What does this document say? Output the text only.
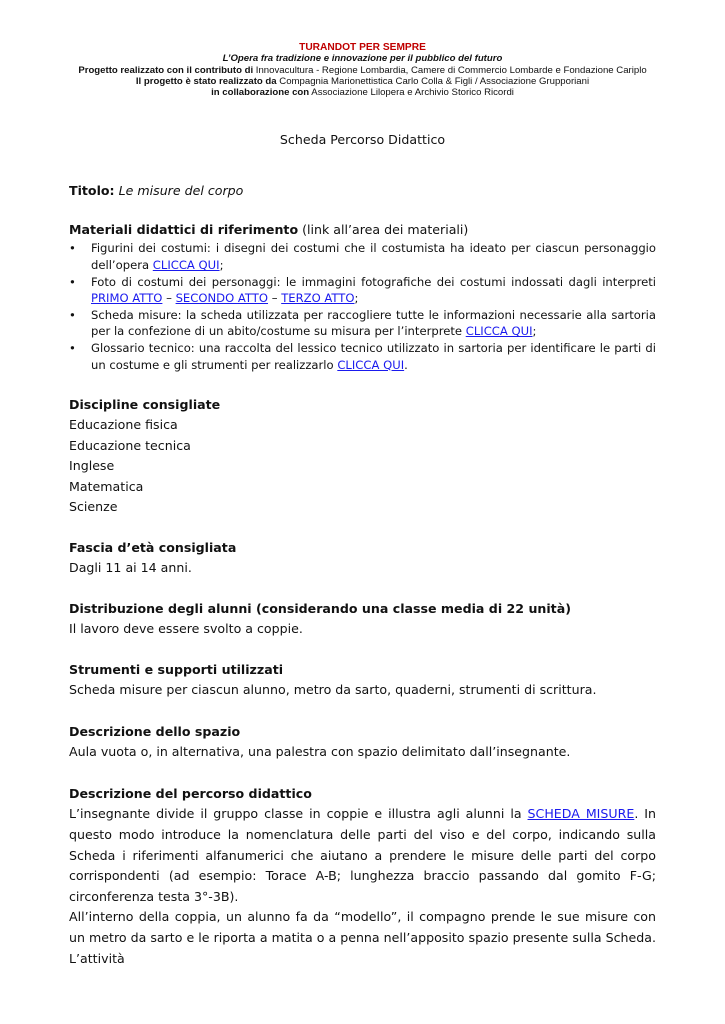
TURANDOT PER SEMPRE
L’Opera fra tradizione e innovazione per il pubblico del futuro
Progetto realizzato con il contributo di Innovacultura - Regione Lombardia, Camere di Commercio Lombarde e Fondazione Cariplo
Il progetto è stato realizzato da Compagnia Marionettistica Carlo Colla & Figli / Associazione Grupporiani
in collaborazione con Associazione Lilopera e Archivio Storico Ricordi
Scheda Percorso Didattico
Titolo: Le misure del corpo
Materiali didattici di riferimento (link all’area dei materiali)
• Figurini dei costumi: i disegni dei costumi che il costumista ha ideato per ciascun personaggio dell’opera CLICCA QUI;
• Foto di costumi dei personaggi: le immagini fotografiche dei costumi indossati dagli interpreti PRIMO ATTO – SECONDO ATTO – TERZO ATTO;
• Scheda misure: la scheda utilizzata per raccogliere tutte le informazioni necessarie alla sartoria per la confezione di un abito/costume su misura per l’interprete CLICCA QUI;
• Glossario tecnico: una raccolta del lessico tecnico utilizzato in sartoria per identificare le parti di un costume e gli strumenti per realizzarlo CLICCA QUI.
Discipline consigliate
Educazione fisica
Educazione tecnica
Inglese
Matematica
Scienze
Fascia d’età consigliata
Dagli 11 ai 14 anni.
Distribuzione degli alunni (considerando una classe media di 22 unità)
Il lavoro deve essere svolto a coppie.
Strumenti e supporti utilizzati
Scheda misure per ciascun alunno, metro da sarto, quaderni, strumenti di scrittura.
Descrizione dello spazio
Aula vuota o, in alternativa, una palestra con spazio delimitato dall’insegnante.
Descrizione del percorso didattico
L’insegnante divide il gruppo classe in coppie e illustra agli alunni la SCHEDA MISURE. In questo modo introduce la nomenclatura delle parti del viso e del corpo, indicando sulla Scheda i riferimenti alfanumerici che aiutano a prendere le misure delle parti del corpo corrispondenti (ad esempio: Torace A-B; lunghezza braccio passando dal gomito F-G; circonferenza testa 3°-3B).
All’interno della coppia, un alunno fa da “modello”, il compagno prende le sue misure con un metro da sarto e le riporta a matita o a penna nell’apposito spazio presente sulla Scheda. L’attività
